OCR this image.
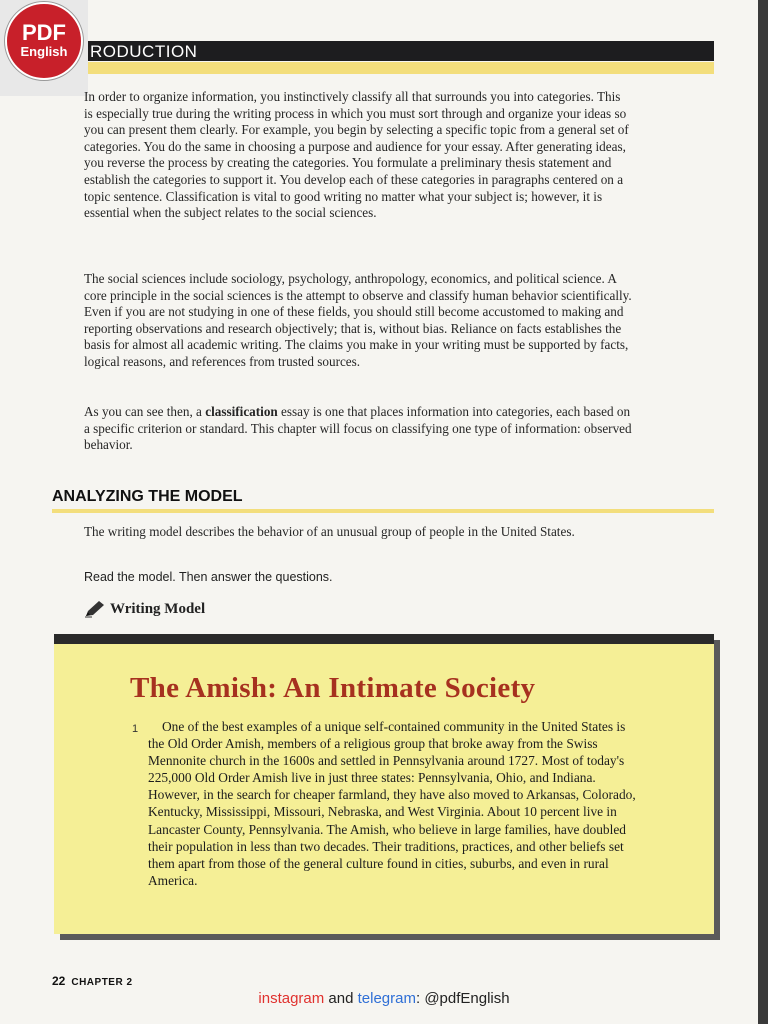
PDF
English RODUCTION

In order to organize information, you instinctively classify all that surrounds you into categories. This is especially true during the writing process in which you must sort through and organize your ideas so you can present them clearly. For example, you begin by selecting a specific topic from a general set of categories. You do the same in choosing a purpose and audience for your essay. After generating ideas, you reverse the process by creating the categories. You formulate a preliminary thesis statement and establish the categories to support it. You develop each of these categories in paragraphs centered on a topic sentence. Classification is vital to good writing no matter what your subject is; however, it is essential when the subject relates to the social sciences.

The social sciences include sociology, psychology, anthropology, economics, and political science. A core principle in the social sciences is the attempt to observe and classify human behavior scientifically. Even if you are not studying in one of these fields, you should still become accustomed to making and reporting observations and research objectively; that is, without bias. Reliance on facts establishes the basis for almost all academic writing. The claims you make in your writing must be supported by facts, logical reasons, and references from trusted sources.

As you can see then, a classification essay is one that places information into categories, each based on a specific criterion or standard. This chapter will focus on classifying one type of information: observed behavior.

ANALYZING THE MODEL

The writing model describes the behavior of an unusual group of people in the United States.

Read the model. Then answer the questions.

Writing Model
The Amish: An Intimate Society
1	One of the best examples of a unique self-contained community in the United States is the Old Order Amish, members of a religious group that broke away from the Swiss Mennonite church in the 1600s and settled in Pennsylvania around 1727. Most of today's 225,000 Old Order Amish live in just three states: Pennsylvania, Ohio, and Indiana. However, in the search for cheaper farmland, they have also moved to Arkansas, Colorado, Kentucky, Mississippi, Missouri, Nebraska, and West Virginia. About 10 percent live in Lancaster County, Pennsylvania. The Amish, who believe in large families, have doubled their population in less than two decades. Their traditions, practices, and other beliefs set them apart from those of the general culture found in cities, suburbs, and even in rural America.

22 CHAPTER 2
instagram and telegram: @pdfEnglish
